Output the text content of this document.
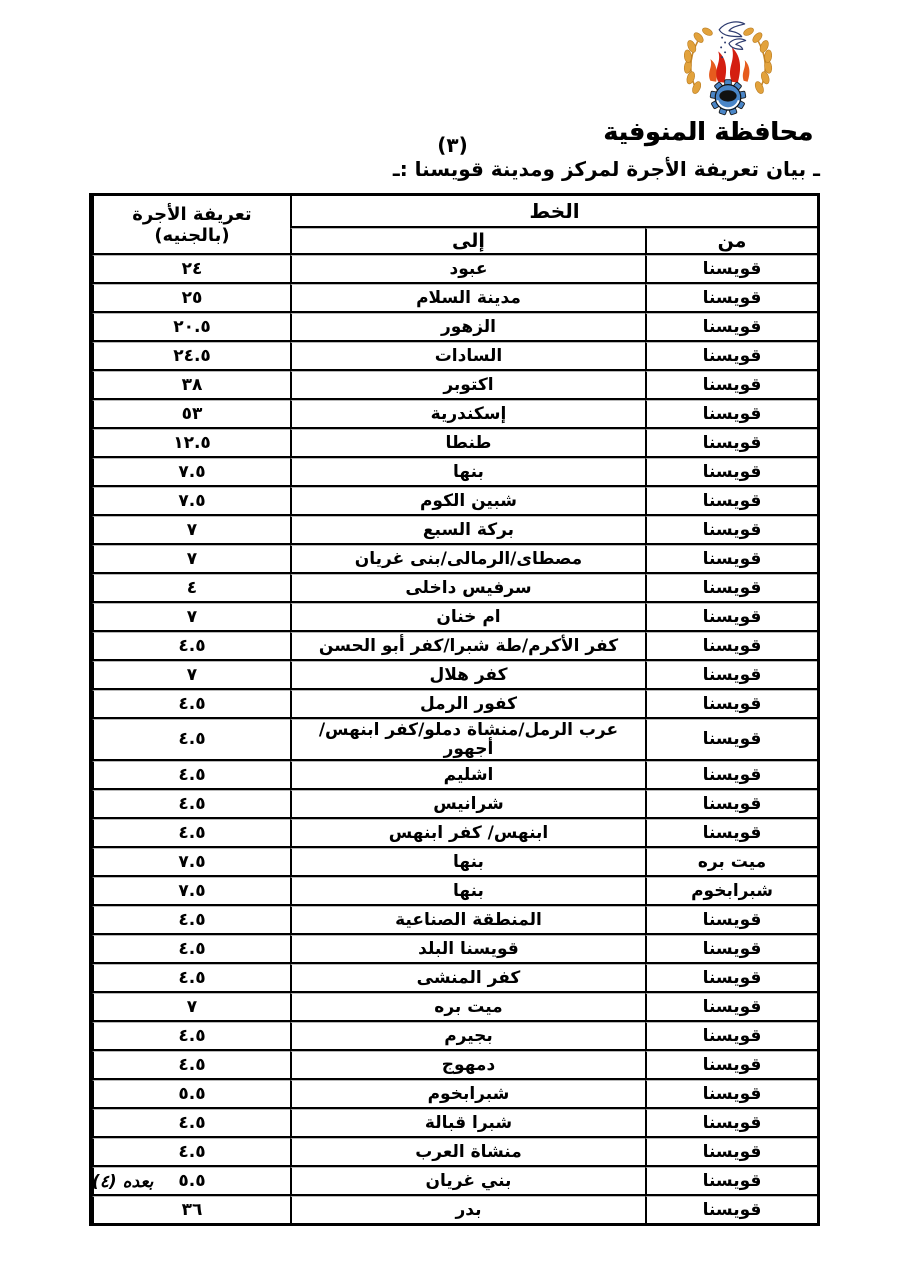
محافظة المنوفية
(٣)
ـ بيان تعريفة الأجرة لمركز ومدينة قويسنا :ـ
الخط		تعريفة الأجرة (بالجنيه)
من	إلى	
قويسنا	عبود	٢٤
قويسنا	مدينة السلام	٢٥
قويسنا	الزهور	٢٠.٥
قويسنا	السادات	٢٤.٥
قويسنا	اكتوبر	٣٨
قويسنا	إسكندرية	٥٣
قويسنا	طنطا	١٢.٥
قويسنا	بنها	٧.٥
قويسنا	شبين الكوم	٧.٥
قويسنا	بركة السبع	٧
قويسنا	مصطاى/الرمالى/بنى غريان	٧
قويسنا	سرفيس داخلى	٤
قويسنا	ام خنان	٧
قويسنا	كفر الأكرم/طة شبرا/كفر أبو الحسن	٤.٥
قويسنا	كفر هلال	٧
قويسنا	كفور الرمل	٤.٥
قويسنا	عرب الرمل/منشاة دملو/كفر ابنهس/أجهور	٤.٥
قويسنا	اشليم	٤.٥
قويسنا	شرانيس	٤.٥
قويسنا	ابنهس/ كفر ابنهس	٤.٥
ميت بره	بنها	٧.٥
شبرابخوم	بنها	٧.٥
قويسنا	المنطقة الصناعية	٤.٥
قويسنا	قويسنا البلد	٤.٥
قويسنا	كفر المنشى	٤.٥
قويسنا	ميت بره	٧
قويسنا	بجيرم	٤.٥
قويسنا	دمهوج	٤.٥
قويسنا	شبرابخوم	٥.٥
قويسنا	شبرا قبالة	٤.٥
قويسنا	منشاة العرب	٤.٥
قويسنا	بني غريان	٥.٥
قويسنا	بدر	٣٦
بعده (٤)
